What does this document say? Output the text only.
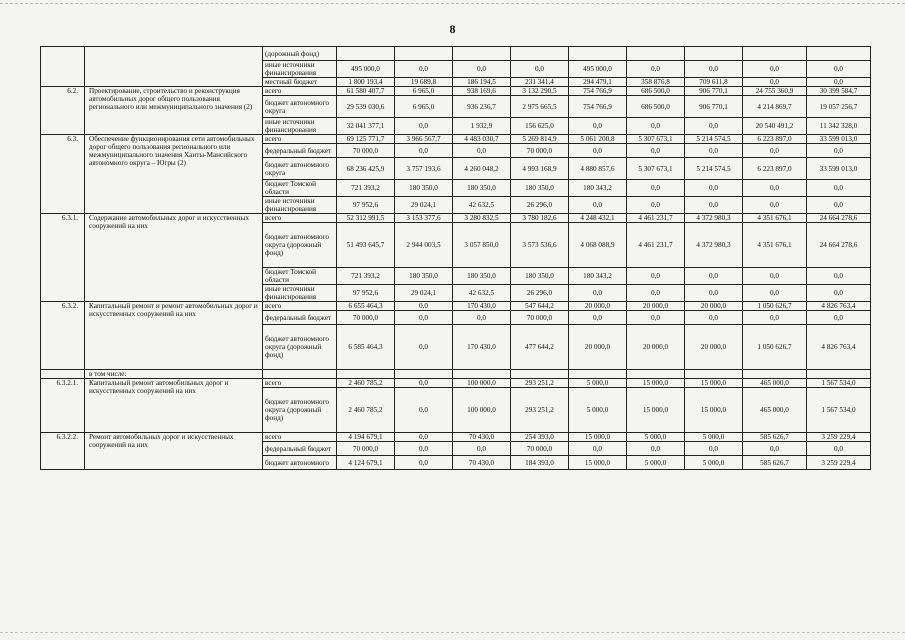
8
		(дорожный фонд)									
		иные источники финансирования	495 000,0	0,0	0,0	0,0	495 000,0	0,0	0,0	0,0	0,0
		местный бюджет	1 800 193,4	19 689,8	186 194,5	231 341,4	294 479,1	358 876,8	709 611,8	0,0	0,0
6.2.	Проектирование, строительство и реконструкция автомобильных дорог общего пользования регионального или межмуниципального значения (2)	всего	61 580 407,7	6 965,0	938 169,6	3 132 290,5	754 766,9	686 500,0	906 770,1	24 755 360,9	30 399 584,7
		бюджет автономного округа	29 539 030,6	6 965,0	936 236,7	2 975 665,5	754 766,9	686 500,0	906 770,1	4 214 869,7	19 057 256,7
		иные источники финансирования	32 041 377,1	0,0	1 932,9	156 625,0	0,0	0,0	0,0	20 540 491,2	11 342 328,0
6.3.	Обеспечение функционирования сети автомобильных дорог общего пользования регионального или межмуниципального значения Ханты-Мансийского автономного округа – Югры (2)	всего	69 125 771,7	3 966 567,7	4 483 030,7	5 269 814,9	5 061 200,8	5 307 673,1	5 214 574,5	6 223 897,0	33 599 013,0
		федеральный бюджет	70 000,0	0,0	0,0	70 000,0	0,0	0,0	0,0	0,0	0,0
		бюджет автономного округа	68 236 425,9	3 757 193,6	4 260 048,2	4 993 168,9	4 880 857,6	5 307 673,1	5 214 574,5	6 223 897,0	33 599 013,0
		бюджет Томской области	721 393,2	180 350,0	180 350,0	180 350,0	180 343,2	0,0	0,0	0,0	0,0
		иные источники финансирования	97 952,6	29 024,1	42 632,5	26 296,0	0,0	0,0	0,0	0,0	0,0
6.3.1.	Содержание автомобильных дорог и искусственных сооружений на них	всего	52 312 991,5	3 153 377,6	3 280 832,5	3 780 182,6	4 248 432,1	4 461 231,7	4 372 980,3	4 351 676,1	24 664 278,6
		бюджет автономного округа (дорожный фонд)	51 493 645,7	2 944 003,5	3 057 850,0	3 573 536,6	4 068 088,9	4 461 231,7	4 372 980,3	4 351 676,1	24 664 278,6
		бюджет Томской области	721 393,2	180 350,0	180 350,0	180 350,0	180 343,2	0,0	0,0	0,0	0,0
		иные источники финансирования	97 952,6	29 024,1	42 632,5	26 296,0	0,0	0,0	0,0	0,0	0,0
6.3.2.	Капитальный ремонт и ремонт автомобильных дорог и искусственных сооружений на них	всего	6 655 464,3	0,0	170 430,0	547 644,2	20 000,0	20 000,0	20 000,0	1 050 626,7	4 826 763,4
		федеральный бюджет	70 000,0	0,0	0,0	70 000,0	0,0	0,0	0,0	0,0	0,0
		бюджет автономного округа (дорожный фонд)	6 585 464,3	0,0	170 430,0	477 644,2	20 000,0	20 000,0	20 000,0	1 050 626,7	4 826 763,4
	в том числе:										
6.3.2.1.	Капитальный ремонт автомобильных дорог и искусственных сооружений на них	всего	2 460 785,2	0,0	100 000,0	293 251,2	5 000,0	15 000,0	15 000,0	465 000,0	1 567 534,0
		бюджет автономного округа (дорожный фонд)	2 460 785,2	0,0	100 000,0	293 251,2	5 000,0	15 000,0	15 000,0	465 000,0	1 567 534,0
6.3.2.2.	Ремонт автомобильных дорог и искусственных сооружений на них	всего	4 194 679,1	0,0	70 430,0	254 393,0	15 000,0	5 000,0	5 000,0	585 626,7	3 259 229,4
		федеральный бюджет	70 000,0	0,0	0,0	70 000,0	0,0	0,0	0,0	0,0	0,0
		бюджет автономного	4 124 679,1	0,0	70 430,0	184 393,0	15 000,0	5 000,0	5 000,0	585 626,7	3 259 229,4
